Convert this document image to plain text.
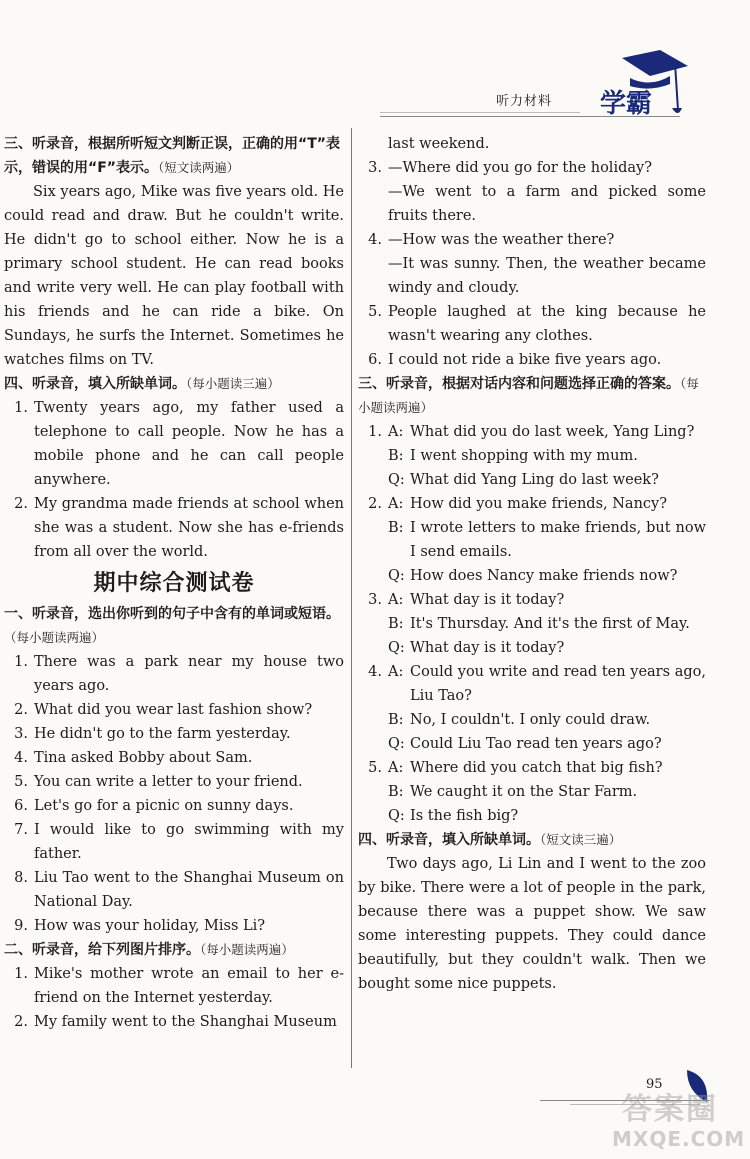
听力材料 学霸
三、听录音，根据所听短文判断正误，正确的用“T”表示，错误的用“F”表示。（短文读两遍）

Six years ago, Mike was five years old. He could read and draw. But he couldn't write. He didn't go to school either. Now he is a primary school student. He can read books and write very well. He can play football with his friends and he can ride a bike. On Sundays, he surfs the Internet. Sometimes he watches films on TV.

四、听录音，填入所缺单词。（每小题读三遍）
1. Twenty years ago, my father used a telephone to call people. Now he has a mobile phone and he can call people anywhere.
2. My grandma made friends at school when she was a student. Now she has e-friends from all over the world.
期中综合测试卷
一、听录音，选出你听到的句子中含有的单词或短语。（每小题读两遍）
1. There was a park near my house two years ago.
2. What did you wear last fashion show?
3. He didn't go to the farm yesterday.
4. Tina asked Bobby about Sam.
5. You can write a letter to your friend.
6. Let's go for a picnic on sunny days.
7. I would like to go swimming with my father.
8. Liu Tao went to the Shanghai Museum on National Day.
9. How was your holiday, Miss Li?
二、听录音，给下列图片排序。（每小题读两遍）
1. Mike's mother wrote an email to her e-friend on the Internet yesterday.
2. My family went to the Shanghai Museum
last weekend.
3. —Where did you go for the holiday?
—We went to a farm and picked some fruits there.
4. —How was the weather there?
—It was sunny. Then, the weather became windy and cloudy.
5. People laughed at the king because he wasn't wearing any clothes.
6. I could not ride a bike five years ago.
三、听录音，根据对话内容和问题选择正确的答案。（每小题读两遍）
1. A: What did you do last week, Yang Ling?
B: I went shopping with my mum.
Q: What did Yang Ling do last week?
2. A: How did you make friends, Nancy?
B: I wrote letters to make friends, but now I send emails.
Q: How does Nancy make friends now?
3. A: What day is it today?
B: It's Thursday. And it's the first of May.
Q: What day is it today?
4. A: Could you write and read ten years ago, Liu Tao?
B: No, I couldn't. I only could draw.
Q: Could Liu Tao read ten years ago?
5. A: Where did you catch that big fish?
B: We caught it on the Star Farm.
Q: Is the fish big?
四、听录音，填入所缺单词。（短文读三遍）

Two days ago, Li Lin and I went to the zoo by bike. There were a lot of people in the park, because there was a puppet show. We saw some interesting puppets. They could dance beautifully, but they couldn't walk. Then we bought some nice puppets.

95
答案圈
MXQE.COM
